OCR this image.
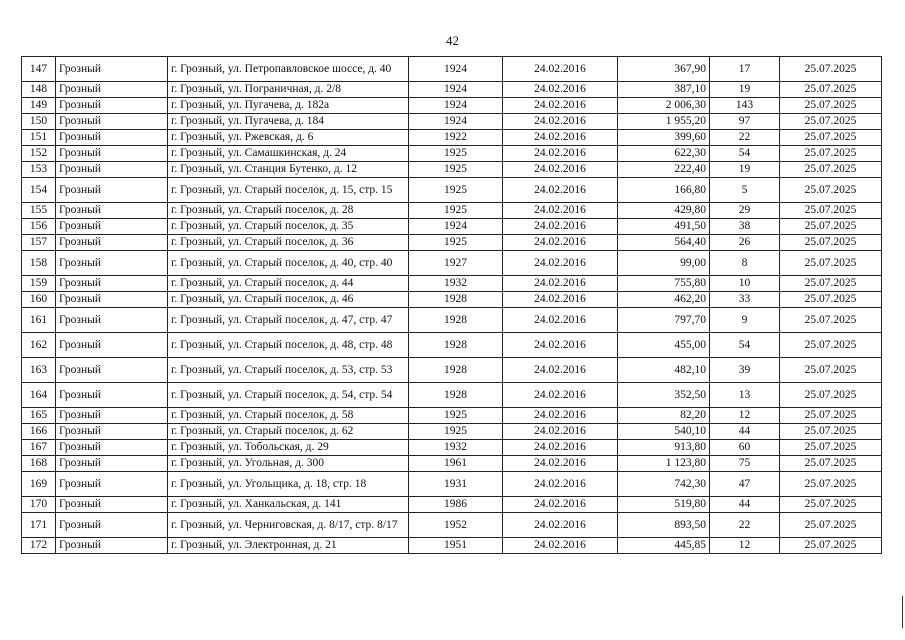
42
147	Грозный	г. Грозный, ул. Петропавловское шоссе, д. 40	1924	24.02.2016	367,90	17	25.07.2025
148	Грозный	г. Грозный, ул. Пограничная, д. 2/8	1924	24.02.2016	387,10	19	25.07.2025
149	Грозный	г. Грозный, ул. Пугачева, д. 182а	1924	24.02.2016	2 006,30	143	25.07.2025
150	Грозный	г. Грозный, ул. Пугачева, д. 184	1924	24.02.2016	1 955,20	97	25.07.2025
151	Грозный	г. Грозный, ул. Ржевская, д. 6	1922	24.02.2016	399,60	22	25.07.2025
152	Грозный	г. Грозный, ул. Самашкинская, д. 24	1925	24.02.2016	622,30	54	25.07.2025
153	Грозный	г. Грозный, ул. Станция Бутенко, д. 12	1925	24.02.2016	222,40	19	25.07.2025
154	Грозный	г. Грозный, ул. Старый поселок, д. 15, стр. 15	1925	24.02.2016	166,80	5	25.07.2025
155	Грозный	г. Грозный, ул. Старый поселок, д. 28	1925	24.02.2016	429,80	29	25.07.2025
156	Грозный	г. Грозный, ул. Старый поселок, д. 35	1924	24.02.2016	491,50	38	25.07.2025
157	Грозный	г. Грозный, ул. Старый поселок, д. 36	1925	24.02.2016	564,40	26	25.07.2025
158	Грозный	г. Грозный, ул. Старый поселок, д. 40, стр. 40	1927	24.02.2016	99,00	8	25.07.2025
159	Грозный	г. Грозный, ул. Старый поселок, д. 44	1932	24.02.2016	755,80	10	25.07.2025
160	Грозный	г. Грозный, ул. Старый поселок, д. 46	1928	24.02.2016	462,20	33	25.07.2025
161	Грозный	г. Грозный, ул. Старый поселок, д. 47, стр. 47	1928	24.02.2016	797,70	9	25.07.2025
162	Грозный	г. Грозный, ул. Старый поселок, д. 48, стр. 48	1928	24.02.2016	455,00	54	25.07.2025
163	Грозный	г. Грозный, ул. Старый поселок, д. 53, стр. 53	1928	24.02.2016	482,10	39	25.07.2025
164	Грозный	г. Грозный, ул. Старый поселок, д. 54, стр. 54	1928	24.02.2016	352,50	13	25.07.2025
165	Грозный	г. Грозный, ул. Старый поселок, д. 58	1925	24.02.2016	82,20	12	25.07.2025
166	Грозный	г. Грозный, ул. Старый поселок, д. 62	1925	24.02.2016	540,10	44	25.07.2025
167	Грозный	г. Грозный, ул. Тобольская, д. 29	1932	24.02.2016	913,80	60	25.07.2025
168	Грозный	г. Грозный, ул. Угольная, д. 300	1961	24.02.2016	1 123,80	75	25.07.2025
169	Грозный	г. Грозный, ул. Угольщика, д. 18, стр. 18	1931	24.02.2016	742,30	47	25.07.2025
170	Грозный	г. Грозный, ул. Ханкальская, д. 141	1986	24.02.2016	519,80	44	25.07.2025
171	Грозный	г. Грозный, ул. Черниговская, д. 8/17, стр. 8/17	1952	24.02.2016	893,50	22	25.07.2025
172	Грозный	г. Грозный, ул. Электронная, д. 21	1951	24.02.2016	445,85	12	25.07.2025
